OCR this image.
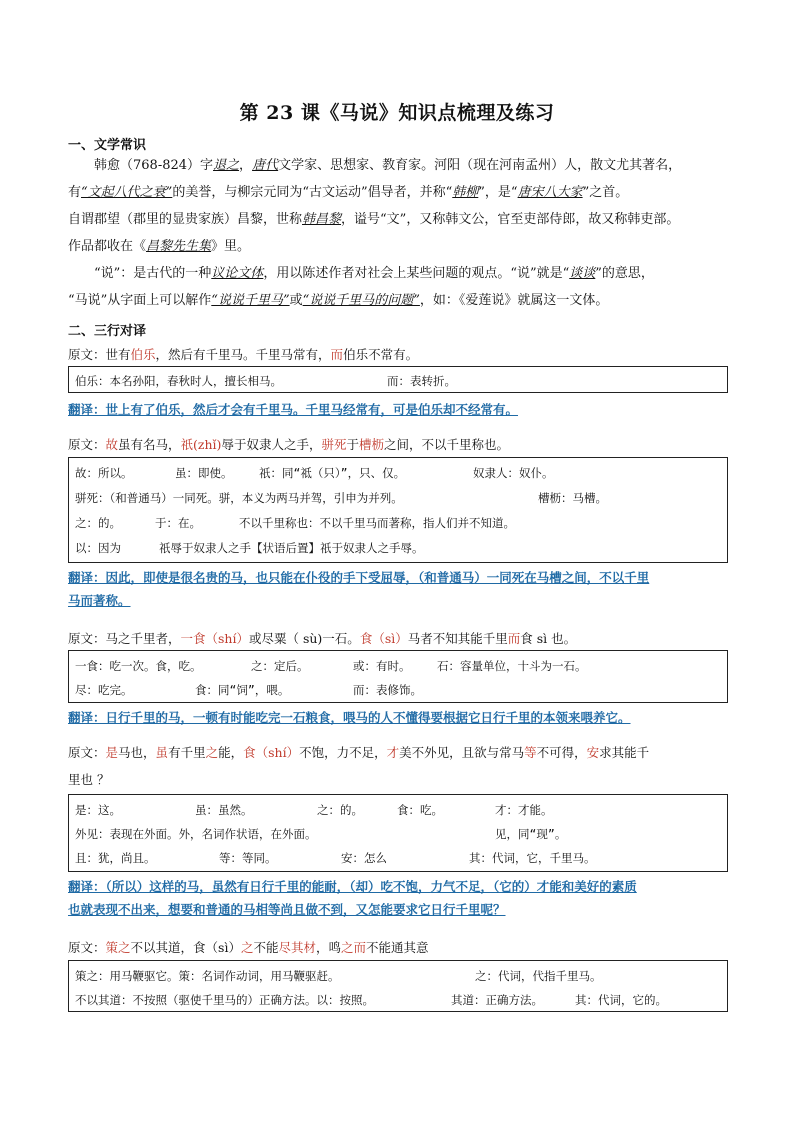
第 23 课《马说》知识点梳理及练习
一、文学常识
韩愈（768-824）字退之，唐代文学家、思想家、教育家。河阳（现在河南孟州）人，散文尤其著名，
有“文起八代之衰”的美誉，与柳宗元同为“古文运动”倡导者，并称“韩柳”，是“唐宋八大家”之首。
自谓郡望（郡里的显贵家族）昌黎，世称韩昌黎，谥号“文”，又称韩文公，官至吏部侍郎，故又称韩吏部。
作品都收在《昌黎先生集》里。
“说”：是古代的一种议论文体，用以陈述作者对社会上某些问题的观点。“说”就是“谈谈”的意思，
“马说”从字面上可以解作“说说千里马”或“说说千里马的问题”，如：《爱莲说》就属这一文体。
二、三行对译
原文：世有伯乐，然后有千里马。千里马常有，而伯乐不常有。
伯乐：本名孙阳，春秋时人，擅长相马。	而：表转折。
翻译：世上有了伯乐，然后才会有千里马。千里马经常有，可是伯乐却不经常有。
原文：故虽有名马，祇(zhǐ)辱于奴隶人之手，骈死于槽枥之间，不以千里称也。
故：所以。	虽：即使。 祇：同“祗（只）”，只、仅。	奴隶人：奴仆。
骈死：（和普通马）一同死。骈，本义为两马并驾，引申为并列。	槽枥：马槽。
之：的。	于：在。	不以千里称也：不以千里马而著称，指人们并不知道。
以：因为	祇辱于奴隶人之手【状语后置】祇于奴隶人之手辱。
翻译：因此，即使是很名贵的马，也只能在仆役的手下受屈辱，（和普通马）一同死在马槽之间，不以千里
马而著称。
原文：马之千里者，一食（shí）或尽粟（ sù)一石。食（sì）马者不知其能千里而食 sì 也。
一食：吃一次。食，吃。	之：定后。	或：有时。 石：容量单位，十斗为一石。
尽：吃完。	食：同“饲”，喂。	而：表修饰。
翻译：日行千里的马，一顿有时能吃完一石粮食，喂马的人不懂得要根据它日行千里的本领来喂养它。
原文：是马也，虽有千里之能，食（shí）不饱，力不足，才美不外见，且欲与常马等不可得，安求其能千
里也 ？
是：这。	虽：虽然。	之：的。	食：吃。	才：才能。
外见：表现在外面。外，名词作状语，在外面。	见，同“现”。
且：犹，尚且。	等：等同。	安：怎么	其：代词，它，千里马。
翻译：（所以）这样的马，虽然有日行千里的能耐，（却）吃不饱，力气不足，（它的）才能和美好的素质
也就表现不出来，想要和普通的马相等尚且做不到，又怎能要求它日行千里呢？
原文：策之不以其道，食（sì）之不能尽其材，鸣之而不能通其意
策之：用马鞭驱它。策：名词作动词，用马鞭驱赶。	之：代词，代指千里马。
不以其道：不按照（驱使千里马的）正确方法。以：按照。	其道：正确方法。	其：代词，它的。
